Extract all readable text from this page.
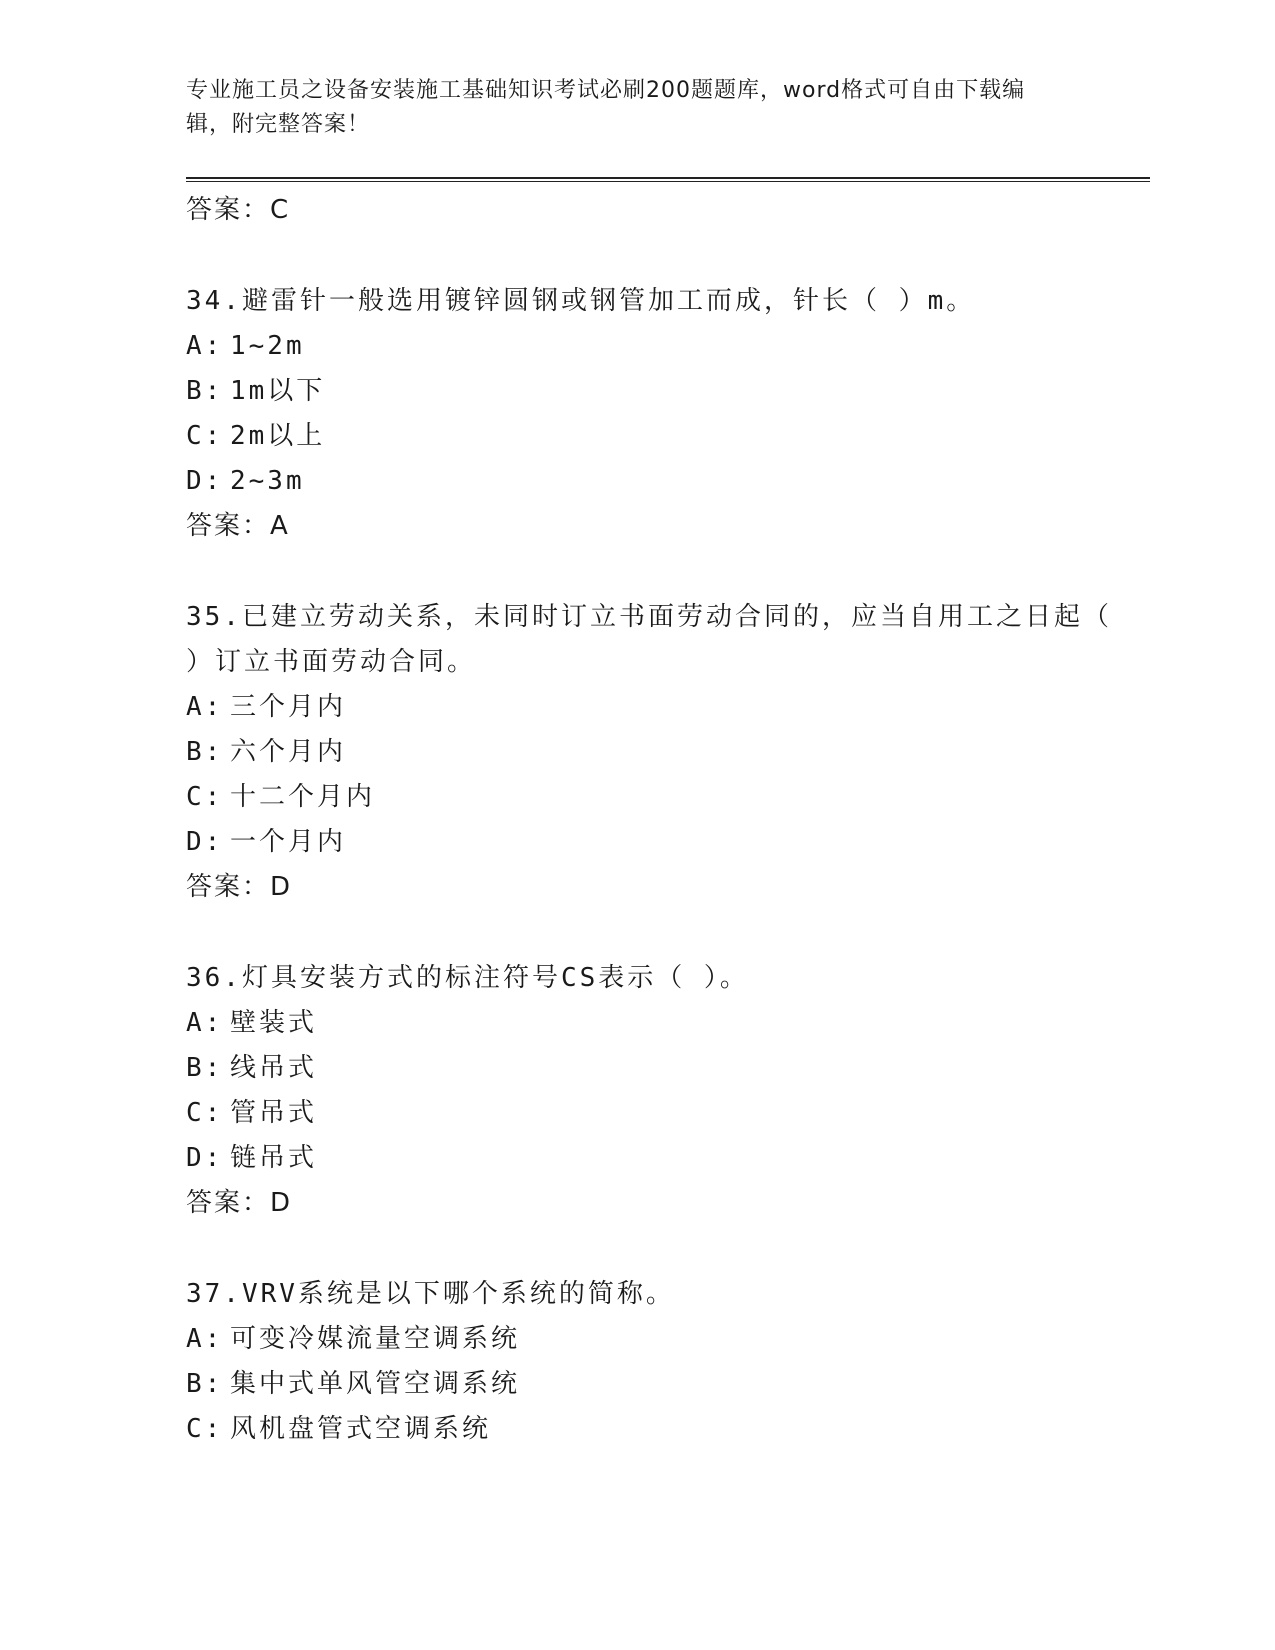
专业施工员之设备安装施工基础知识考试必刷200题题库，word格式可自由下载编辑，附完整答案！
答案：C
34.避雷针一般选用镀锌圆钢或钢管加工而成，针长（ ）m。
A: 1~2m
B: 1m以下
C: 2m以上
D: 2~3m
答案：A
35.已建立劳动关系，未同时订立书面劳动合同的，应当自用工之日起（ ）订立书面劳动合同。
A: 三个月内
B: 六个月内
C: 十二个月内
D: 一个月内
答案：D
36.灯具安装方式的标注符号CS表示（ ）。
A: 壁装式
B: 线吊式
C: 管吊式
D: 链吊式
答案：D
37.VRV系统是以下哪个系统的简称。
A: 可变冷媒流量空调系统
B: 集中式单风管空调系统
C: 风机盘管式空调系统
